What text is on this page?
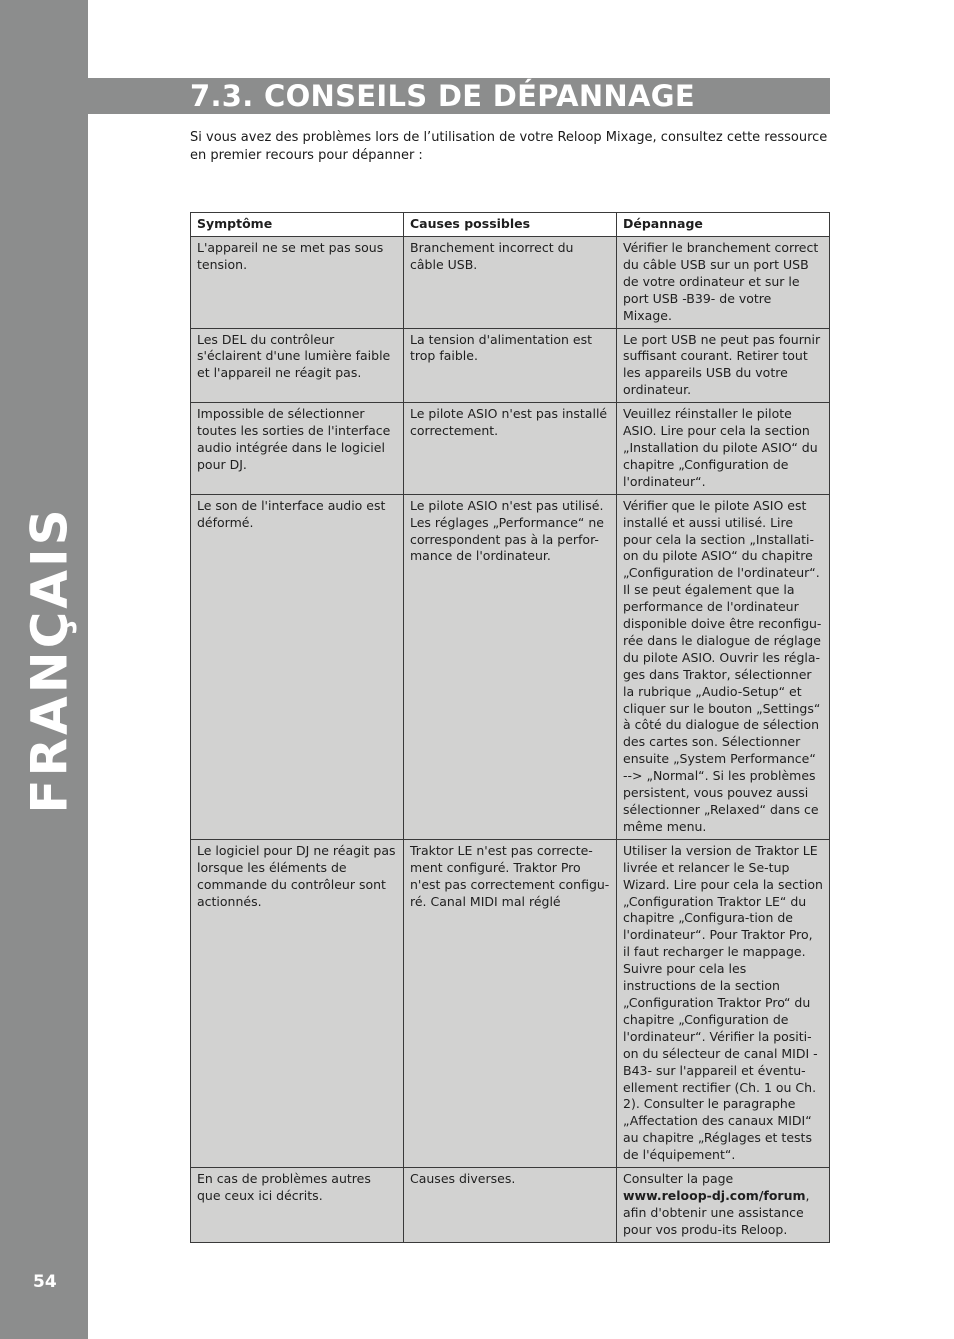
FRANÇAIS
54
7.3. CONSEILS DE DÉPANNAGE

Si vous avez des problèmes lors de l’utilisation de votre Reloop Mixage, consultez cette ressource en premier recours pour dépanner :

Symptôme	Causes possibles	Dépannage
L'appareil ne se met pas sous tension.	Branchement incorrect du câble USB.	Vérifier le branchement correct du câble USB sur un port USB de votre ordinateur et sur le port USB -B39- de votre Mixage.
Les DEL du contrôleur s'éclairent d'une lumière faible et l'appareil ne réagit pas.	La tension d'alimentation est trop faible.	Le port USB ne peut pas fournir suffisant courant. Retirer tout les appareils USB du votre ordinateur.
Impossible de sélectionner toutes les sorties de l'interface audio intégrée dans le logiciel pour DJ.	Le pilote ASIO n'est pas installé correctement.	Veuillez réinstaller le pilote ASIO. Lire pour cela la section „Installation du pilote ASIO“ du chapitre „Configuration de l'ordinateur“.
Le son de l'interface audio est déformé.	Le pilote ASIO n'est pas utilisé. Les réglages „Performance“ ne correspondent pas à la perfor-mance de l'ordinateur.	Vérifier que le pilote ASIO est installé et aussi utilisé. Lire pour cela la section „Installati-on du pilote ASIO“ du chapitre „Configuration de l'ordinateur“. Il se peut également que la performance de l'ordinateur disponible doive être reconfigu-rée dans le dialogue de réglage du pilote ASIO. Ouvrir les régla-ges dans Traktor, sélectionner la rubrique „Audio-Setup“ et cliquer sur le bouton „Settings“ à côté du dialogue de sélection des cartes son. Sélectionner ensuite „System Performance“ --> „Normal“. Si les problèmes persistent, vous pouvez aussi sélectionner „Relaxed“ dans ce même menu.
Le logiciel pour DJ ne réagit pas lorsque les éléments de commande du contrôleur sont actionnés.	Traktor LE n'est pas correcte-ment configuré. Traktor Pro n'est pas correctement configu-ré. Canal MIDI mal réglé	Utiliser la version de Traktor LE livrée et relancer le Se-tup Wizard. Lire pour cela la section „Configuration Traktor LE“ du chapitre „Configura-tion de l'ordinateur“. Pour Traktor Pro, il faut recharger le mappage. Suivre pour cela les instructions de la section „Configuration Traktor Pro“ du chapitre „Configuration de l'ordinateur“. Vérifier la positi-on du sélecteur de canal MIDI -B43- sur l'appareil et éventu-ellement rectifier (Ch. 1 ou Ch. 2). Consulter le paragraphe „Affectation des canaux MIDI“ au chapitre „Réglages et tests de l'équipement“.
En cas de problèmes autres que ceux ici décrits.	Causes diverses.	Consulter la page www.reloop-dj.com/forum, afin d'obtenir une assistance pour vos produ-its Reloop.
